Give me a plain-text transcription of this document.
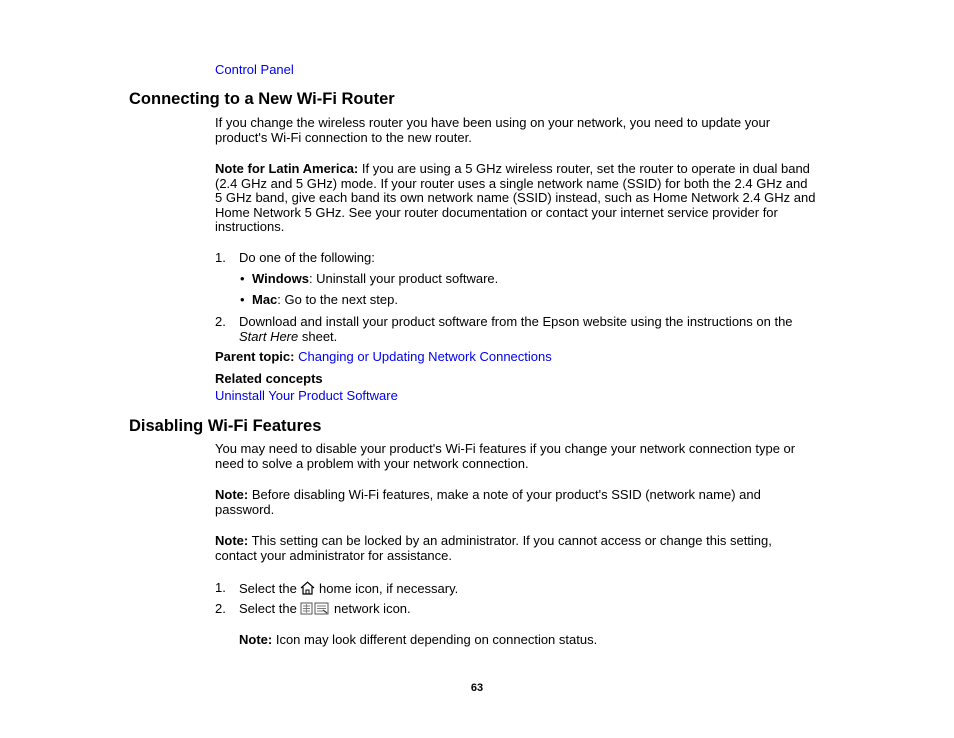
Control Panel
Connecting to a New Wi-Fi Router
If you change the wireless router you have been using on your network, you need to update your
product's Wi-Fi connection to the new router.
Note for Latin America: If you are using a 5 GHz wireless router, set the router to operate in dual band
(2.4 GHz and 5 GHz) mode. If your router uses a single network name (SSID) for both the 2.4 GHz and
5 GHz band, give each band its own network name (SSID) instead, such as Home Network 2.4 GHz and
Home Network 5 GHz. See your router documentation or contact your internet service provider for
instructions.
1.	Do one of the following:
• Windows: Uninstall your product software.
• Mac: Go to the next step.
2.	Download and install your product software from the Epson website using the instructions on the
Start Here sheet.
Parent topic: Changing or Updating Network Connections
Related concepts
Uninstall Your Product Software
Disabling Wi-Fi Features
You may need to disable your product's Wi-Fi features if you change your network connection type or
need to solve a problem with your network connection.
Note: Before disabling Wi-Fi features, make a note of your product's SSID (network name) and
password.
Note: This setting can be locked by an administrator. If you cannot access or change this setting,
contact your administrator for assistance.
1.	Select the  home icon, if necessary.
2.	Select the  network icon.
Note: Icon may look different depending on connection status.
63
